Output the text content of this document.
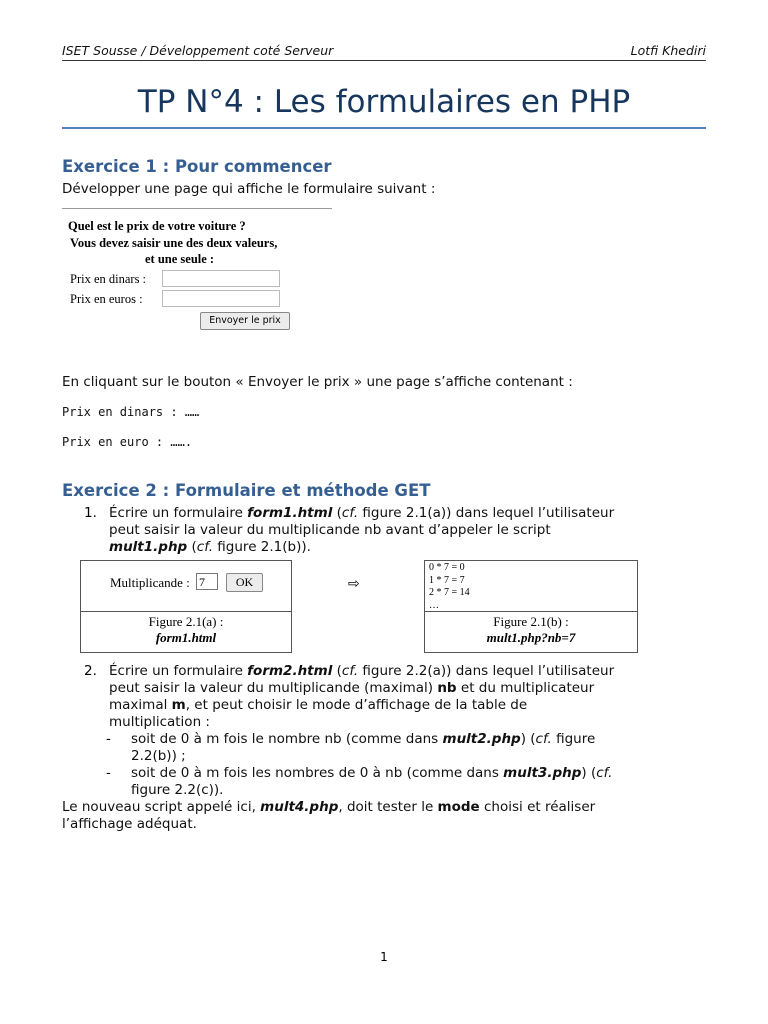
ISET Sousse / Développement coté Serveur	Lotfi Khediri
TP N°4 : Les formulaires en PHP
Exercice 1 : Pour commencer
Développer une page qui affiche le formulaire suivant :
Quel est le prix de votre voiture ?
Vous devez saisir une des deux valeurs,
et une seule :
Prix en dinars :
Prix en euros :
Envoyer le prix
En cliquant sur le bouton « Envoyer le prix » une page s’affiche contenant :
Prix en dinars : ……
Prix en euro : …….
Exercice 2 : Formulaire et méthode GET
1. Écrire un formulaire form1.html (cf. figure 2.1(a)) dans lequel l’utilisateur
peut saisir la valeur du multiplicande nb avant d’appeler le script
mult1.php (cf. figure 2.1(b)).
Multiplicande : 7	OK
Figure 2.1(a) :
form1.html
⇨
0 * 7 = 0
1 * 7 = 7
2 * 7 = 14
…
Figure 2.1(b) :
mult1.php?nb=7
2. Écrire un formulaire form2.html (cf. figure 2.2(a)) dans lequel l’utilisateur
peut saisir la valeur du multiplicande (maximal) nb et du multiplicateur
maximal m, et peut choisir le mode d’affichage de la table de
multiplication :
- soit de 0 à m fois le nombre nb (comme dans mult2.php) (cf. figure
2.2(b)) ;
- soit de 0 à m fois les nombres de 0 à nb (comme dans mult3.php) (cf.
figure 2.2(c)).
Le nouveau script appelé ici, mult4.php, doit tester le mode choisi et réaliser
l’affichage adéquat.
1
